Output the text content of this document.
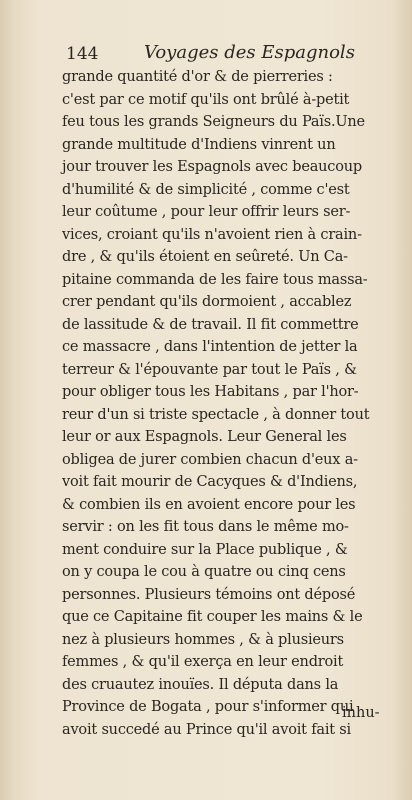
144	Voyages des Espagnols
grande quantité d'or & de pierreries :
c'est par ce motif qu'ils ont brûlé à-petit
feu tous les grands Seigneurs du Païs.Une
grande multitude d'Indiens vinrent un
jour trouver les Espagnols avec beaucoup
d'humilité & de simplicité , comme c'est
leur coûtume , pour leur offrir leurs ser-
vices, croiant qu'ils n'avoient rien à crain-
dre , & qu'ils étoient en seûreté. Un Ca-
pitaine commanda de les faire tous massa-
crer pendant qu'ils dormoient , accablez
de lassitude & de travail. Il fit commettre
ce massacre , dans l'intention de jetter la
terreur & l'épouvante par tout le Païs , &
pour obliger tous les Habitans , par l'hor-
reur d'un si triste spectacle , à donner tout
leur or aux Espagnols. Leur General les
obligea de jurer combien chacun d'eux a-
voit fait mourir de Cacyques & d'Indiens,
& combien ils en avoient encore pour les
servir : on les fit tous dans le même mo-
ment conduire sur la Place publique , &
on y coupa le cou à quatre ou cinq cens
personnes. Plusieurs témoins ont déposé
que ce Capitaine fit couper les mains & le
nez à plusieurs hommes , & à plusieurs
femmes , & qu'il exerça en leur endroit
des cruautez inouïes. Il députa dans la
Province de Bogata , pour s'informer qui
avoit succedé au Prince qu'il avoit fait si
inhu-
